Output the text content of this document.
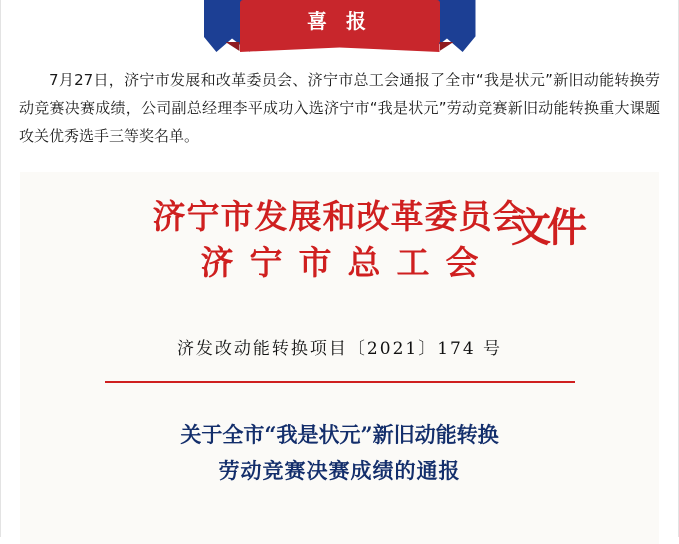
喜 报

7月27日，济宁市发展和改革委员会、济宁市总工会通报了全市“我是状元”新旧动能转换劳动竞赛决赛成绩，公司副总经理李平成功入选济宁市“我是状元”劳动竞赛新旧动能转换重大课题攻关优秀选手三等奖名单。

济宁市发展和改革委员会
济宁市总工会
文件
济发改动能转换项目〔2021〕174 号
关于全市“我是状元”新旧动能转换
劳动竞赛决赛成绩的通报
